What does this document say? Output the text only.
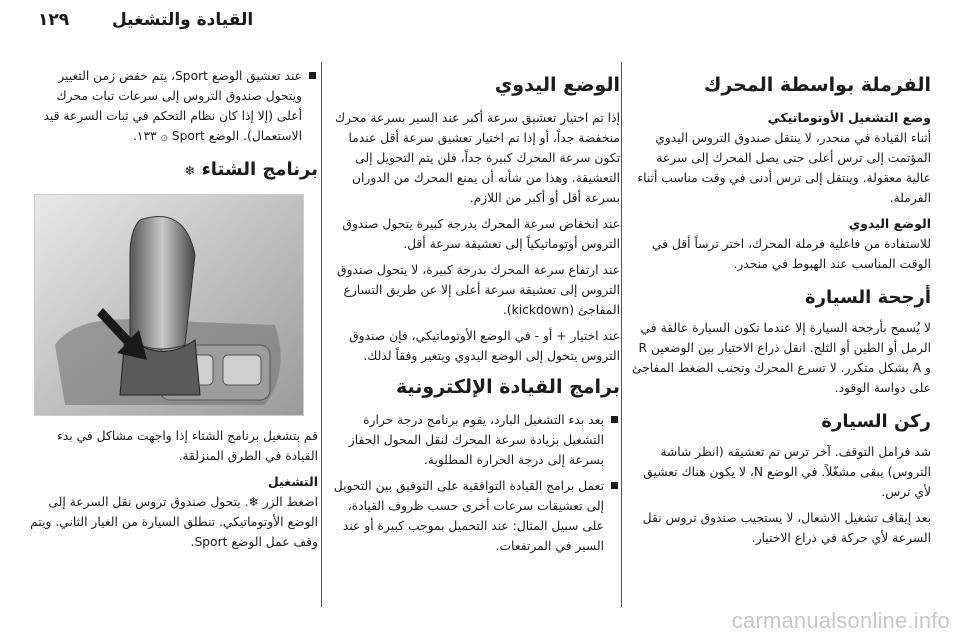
١٢٩	القيادة والتشغيل
الفرملة بواسطة المحرك
وضع التشغيل الأوتوماتيكي

أثناء القيادة في منحدر، لا ينتقل صندوق التروس اليدوي المؤتمت إلى ترس أعلى حتى يصل المحرك إلى سرعة عالية معقولة. وينتقل إلى ترس أدنى في وقت مناسب أثناء الفرملة.

الوضع اليدوي

للاستفادة من فاعلية فرملة المحرك، اختر ترساً أقل في الوقت المناسب عند الهبوط في منحدر.

أرجحة السيارة

لا يُسمح بأرجحة السيارة إلا عندما تكون السيارة عالقة في الرمل أو الطين أو الثلج. انقل ذراع الاختيار بين الوضعين R و A بشكل متكرر. لا تسرع المحرك وتجنب الضغط المفاجئ على دواسة الوقود.

ركن السيارة

شد فرامل التوقف. آخر ترس تم تعشيقه (انظر شاشة التروس) يبقى مشغّلاً. في الوضع N، لا يكون هناك تعشيق لأي ترس.

بعد إيقاف تشغيل الاشعال، لا يستجيب صندوق تروس نقل السرعة لأي حركة في ذراع الاختيار.

الوضع اليدوي

إذا تم اختيار تعشيق سرعة أكبر عند السير بسرعة محرك منخفضة جداً، أو إذا تم اختيار تعشيق سرعة أقل عندما تكون سرعة المحرك كبيرة جداً، فلن يتم التحويل إلى التعشيقة. وهذا من شأنه أن يمنع المحرك من الدوران بسرعة أقل أو أكبر من اللازم.

عند انخفاض سرعة المحرك بدرجة كبيرة يتحول صندوق التروس أوتوماتيكياً إلى تعشيقة سرعة أقل.

عند ارتفاع سرعة المحرك بدرجة كبيرة، لا يتحول صندوق التروس إلى تعشيقة سرعة أعلى إلا عن طريق التسارع المفاجئ (kickdown).

عند اختيار + أو - في الوضع الأوتوماتيكي، فإن صندوق التروس يتحول إلى الوضع اليدوي ويتغير وفقاً لذلك.

برامج القيادة الإلكترونية
بعد بدء التشغيل البارد، يقوم برنامج درجة حرارة التشغيل بزيادة سرعة المحرك لنقل المحول الحفاز بسرعة إلى درجة الحرارة المطلوبة.
تعمل برامج القيادة التوافقية على التوفيق بين التحويل إلى تعشيقات سرعات أخرى حسب ظروف القيادة، على سبيل المثال: عند التحميل بموجب كبيرة أو عند السير في المرتفعات.
عند تعشيق الوضع Sport، يتم خفض زمن التغيير ويتحول صندوق التروس إلى سرعات تبات محرك أعلى (إلا إذا كان نظام التحكم في ثبات السرعة قيد الاستعمال). الوضع Sport ۞ ١٣٣.
برنامج الشتاء ❄

قم بتشغيل برنامج الشتاء إذا واجهت مشاكل في بدء القيادة في الطرق المنزلقة.

التشغيل

اضغط الزر ❄. يتحول صندوق تروس نقل السرعة إلى الوضع الأوتوماتيكي. تنطلق السيارة من الغيار الثاني. ويتم وقف عمل الوضع Sport.

carmanualsonline.info
